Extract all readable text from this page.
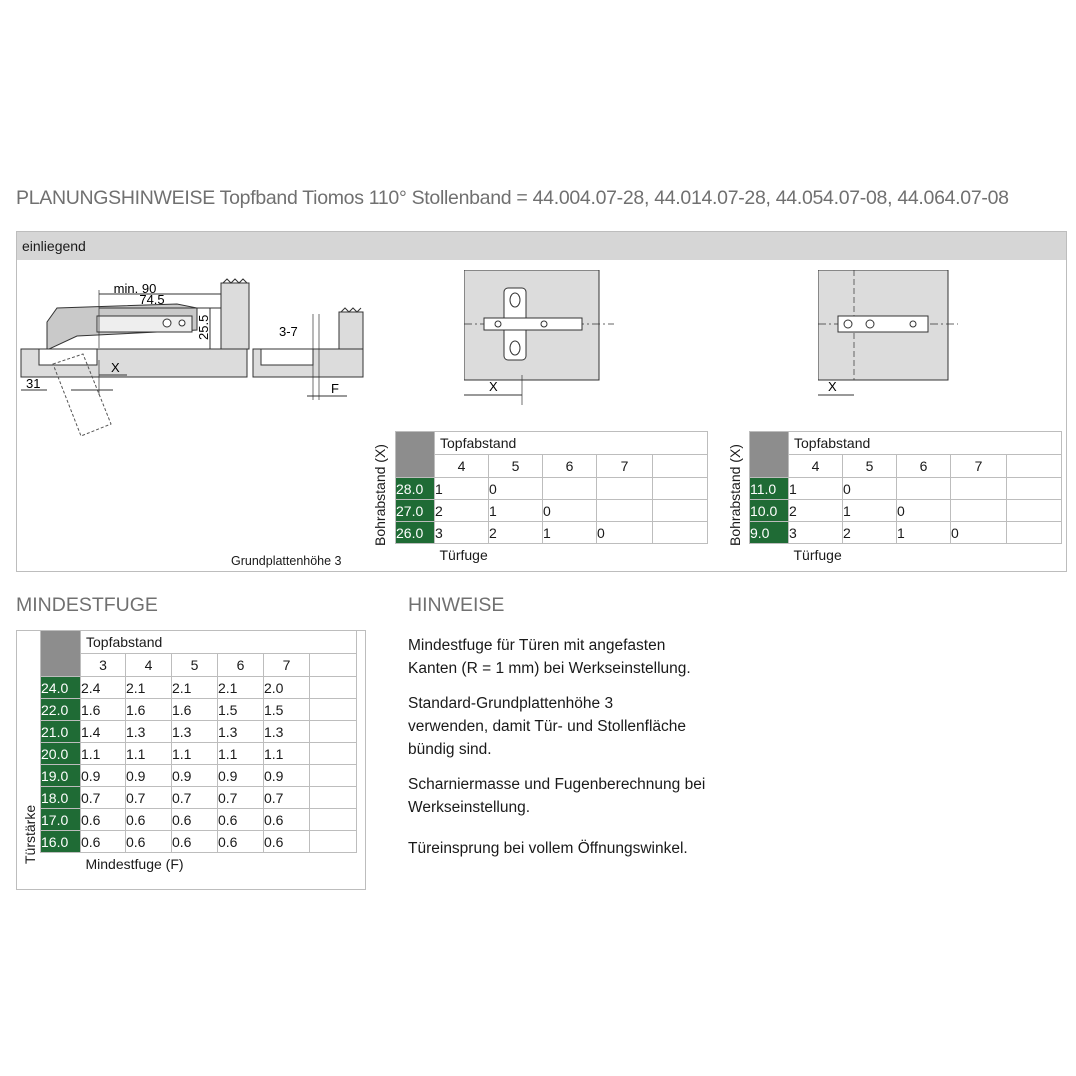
PLANUNGSHINWEISE Topfband Tiomos 110° Stollenband = 44.004.07-28, 44.014.07-28, 44.054.07-08, 44.064.07-08
einliegend
min. 90
74.5
25.5
31
X
3-7
F	X	X
Grundplattenhöhe 3
Bohrabstand (X)
	Topfabstand				
	4	5	6	7	
28.0	1	0			
27.0	2	1	0		
26.0	3	2	1	0	
	Türfuge				
Bohrabstand (X)
	Topfabstand				
	4	5	6	7	
11.0	1	0			
10.0	2	1	0		
9.0	3	2	1	0	
	Türfuge				
MINDESTFUGE
Türstärke
	Topfabstand					
	3	4	5	6	7	
24.0	2.4	2.1	2.1	2.1	2.0	
22.0	1.6	1.6	1.6	1.5	1.5	
21.0	1.4	1.3	1.3	1.3	1.3	
20.0	1.1	1.1	1.1	1.1	1.1	
19.0	0.9	0.9	0.9	0.9	0.9	
18.0	0.7	0.7	0.7	0.7	0.7	
17.0	0.6	0.6	0.6	0.6	0.6	
16.0	0.6	0.6	0.6	0.6	0.6	
	Mindestfuge (F)					
HINWEISE

Mindestfuge für Türen mit angefasten
Kanten (R = 1 mm) bei Werkseinstellung.

Standard-Grundplattenhöhe 3
verwenden, damit Tür- und Stollenfläche
bündig sind.

Scharniermasse und Fugenberechnung bei
Werkseinstellung.

Türeinsprung bei vollem Öffnungswinkel.
